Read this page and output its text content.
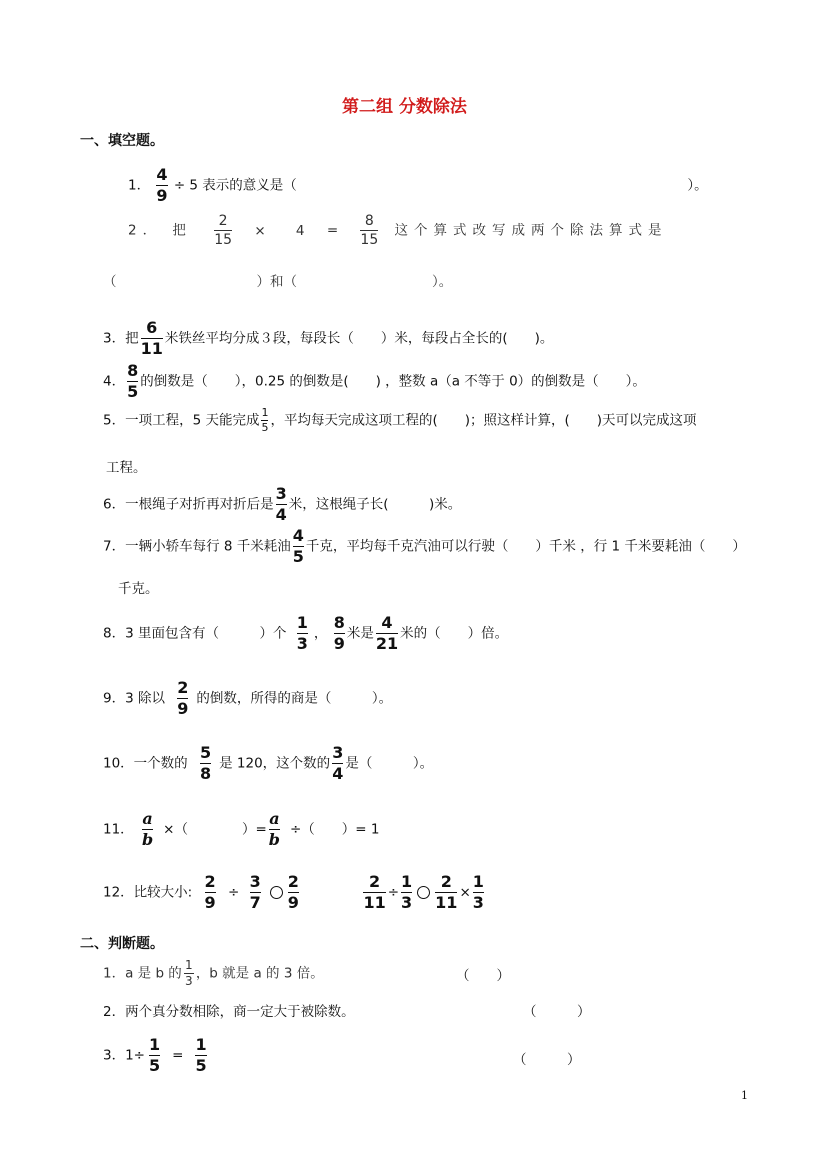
第二组 分数除法
一、填空题。
1． $\frac{4}{9} \div 5$ 表示的意义是（	）。
2． 把 $\frac{2}{15} \times 4 = \frac{8}{15}$ 这个算式改写成两个除法算式是
（	）和（	）。
3．把 $\frac{6}{11}$ 米铁丝平均分成３段，每段长（　　）米，每段占全长的(　　)。
4． $\frac{8}{5}$ 的倒数是（　　），0.25 的倒数是(　　) ，整数 a（a 不等于 0）的倒数是（　　）。
5．一项工程，5 天能完成 $\frac{1}{5}$ ，平均每天完成这项工程的(　　)；照这样计算，(　　)天可以完成这项
工程。
6．一根绳子对折再对折后是 $\frac{3}{4}$ 米，这根绳子长(　　　)米。
7．一辆小轿车每行 8 千米耗油 $\frac{4}{5}$ 千克，平均每千克汽油可以行驶（　　）千米 ，行 1 千米要耗油（　　）
千克。
8．3 里面包含有（　　　）个 $\frac{1}{3}$ ， $\frac{8}{9}$ 米是 $\frac{4}{21}$ 米的（　　）倍。
9．3 除以 $\frac{2}{9}$ 的倒数，所得的商是（　　　）。
10．一个数的 $\frac{5}{8}$ 是 120，这个数的 $\frac{3}{4}$ 是（　　　）。
11． $\frac{a}{b}$ ×（　　　　）= $\frac{a}{b}$ ÷（　　）= 1
12．比较大小: $\frac{2}{9} \div \frac{3}{7} \frac{2}{9}$
	$\frac{2}{11} \div \frac{1}{3} \frac{2}{11} \times \frac{1}{3}$
二、判断题。
1．a 是 b 的 $\frac{1}{3}$ ，b 就是 a 的 3 倍。	（　　）
2．两个真分数相除，商一定大于被除数。	（　　　）
3．$1\div \frac{1}{5} = \frac{1}{5}$	（　　　）
1
